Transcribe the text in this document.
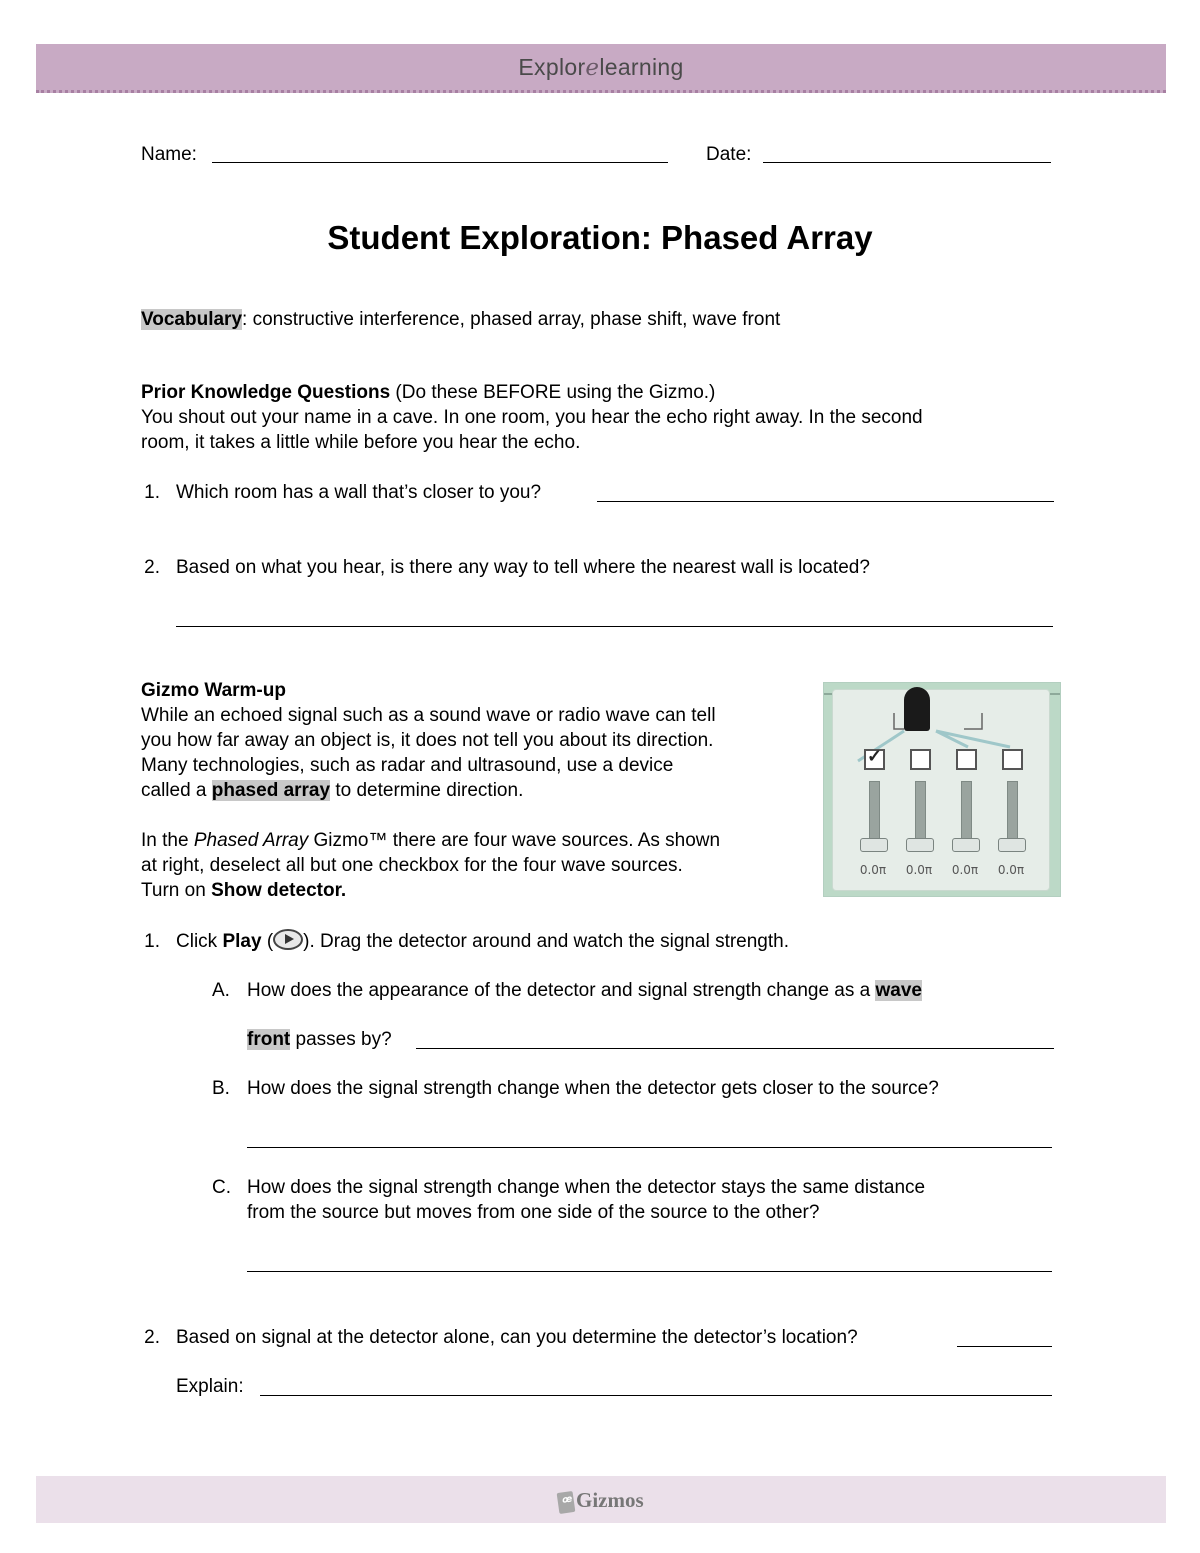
Explorelearning
Name:	Date:
Student Exploration: Phased Array
Vocabulary: constructive interference, phased array, phase shift, wave front
Prior Knowledge Questions (Do these BEFORE using the Gizmo.)
You shout out your name in a cave. In one room, you hear the echo right away. In the second
room, it takes a little while before you hear the echo.
1. Which room has a wall that’s closer to you?
2. Based on what you hear, is there any way to tell where the nearest wall is located?
Gizmo Warm-up
While an echoed signal such as a sound wave or radio wave can tell
you how far away an object is, it does not tell you about its direction.
Many technologies, such as radar and ultrasound, use a device
called a phased array to determine direction.
In the Phased Array Gizmo™ there are four wave sources. As shown
at right, deselect all but one checkbox for the four wave sources.
Turn on Show detector.
✓
0.0π	0.0π	0.0π	0.0π
1. Click Play ( ). Drag the detector around and watch the signal strength.
A. How does the appearance of the detector and signal strength change as a wave
front passes by?
B. How does the signal strength change when the detector gets closer to the source?
C. How does the signal strength change when the detector stays the same distance
from the source but moves from one side of the source to the other?
2. Based on signal at the detector alone, can you determine the detector’s location?
Explain:
ꟹ Gizmos
